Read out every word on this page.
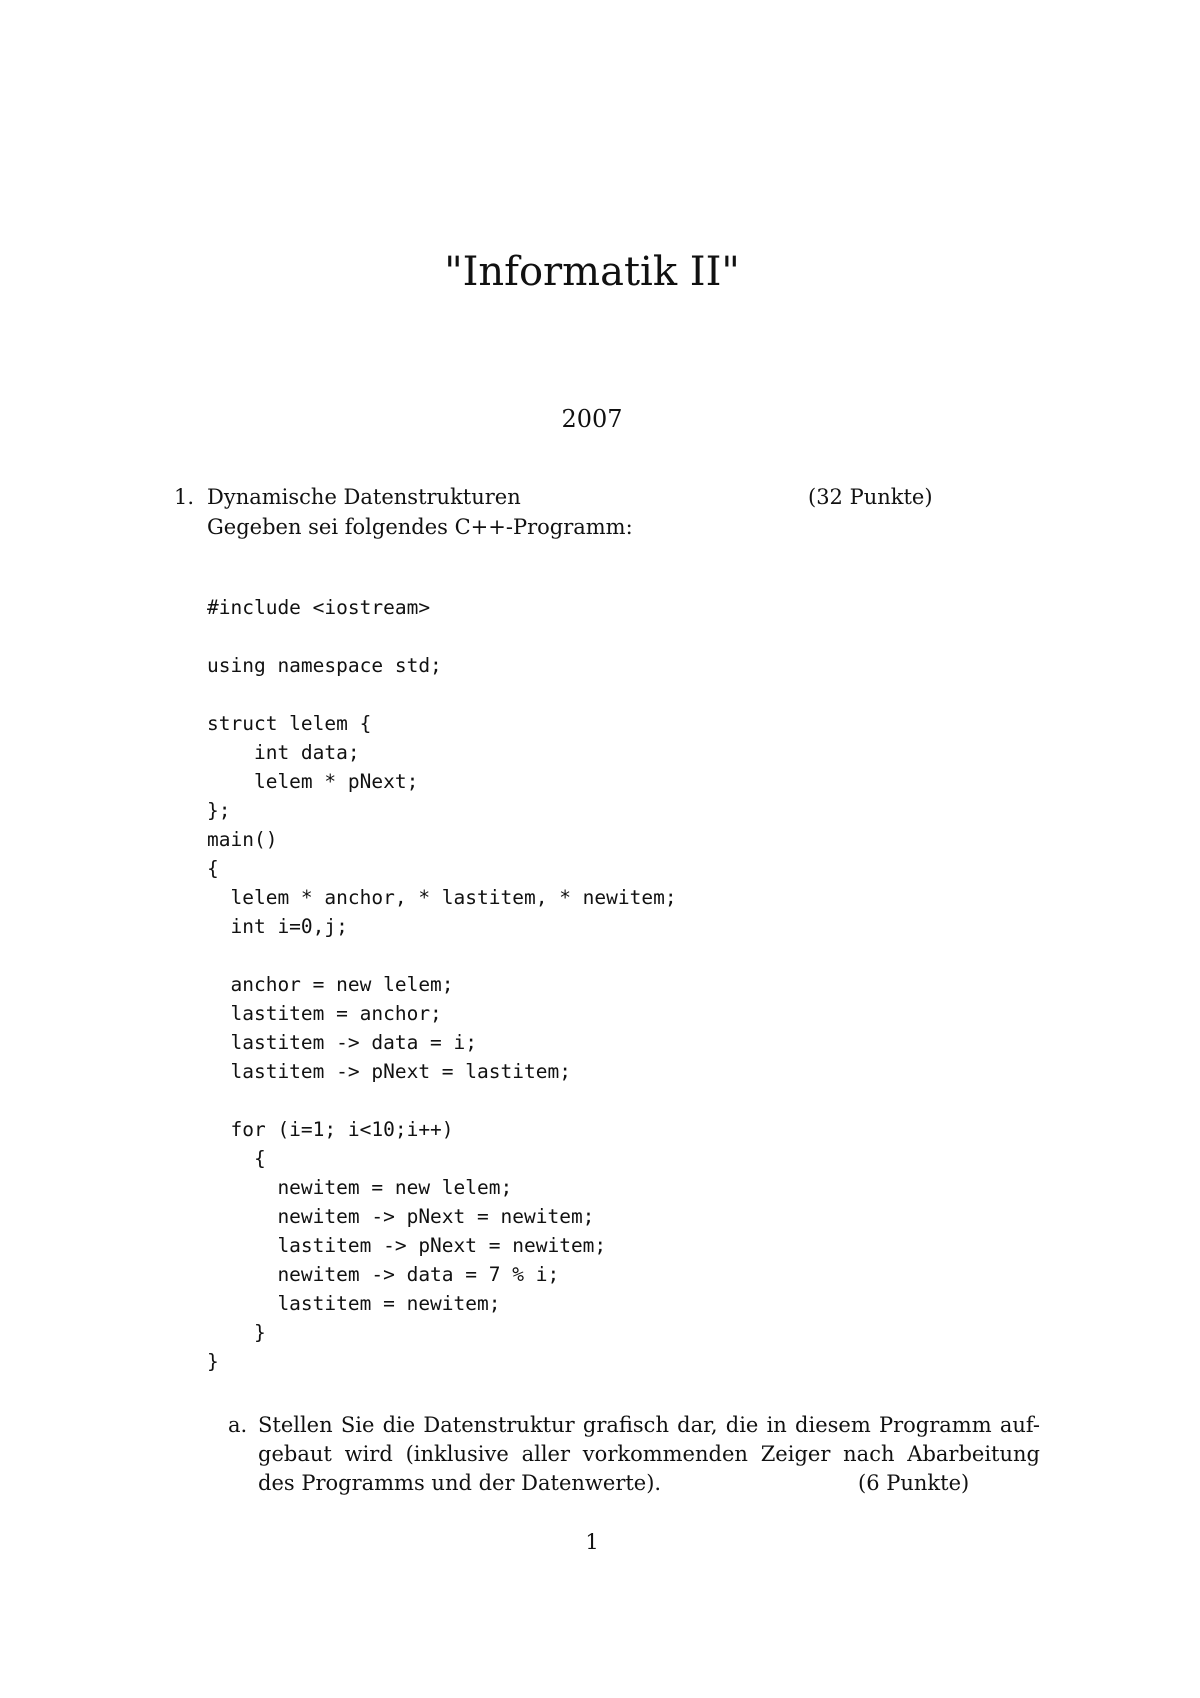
"Informatik II"
2007
1. Dynamische Datenstrukturen	(32 Punkte)
Gegeben sei folgendes C++-Programm:
#include <iostream>

using namespace std;

struct lelem {
int data;
lelem * pNext;
};
main()
{
lelem * anchor, * lastitem, * newitem;
int i=0,j;

anchor = new lelem;
lastitem = anchor;
lastitem -> data = i;
lastitem -> pNext = lastitem;

for (i=1; i<10;i++)
{
newitem = new lelem;
newitem -> pNext = newitem;
lastitem -> pNext = newitem;
newitem -> data = 7 % i;
lastitem = newitem;
}
}
a. Stellen Sie die Datenstruktur grafisch dar, die in diesem Programm auf- gebaut wird (inklusive aller vorkommenden Zeiger nach Abarbeitung des Programms und der Datenwerte).	(6 Punkte)
1
